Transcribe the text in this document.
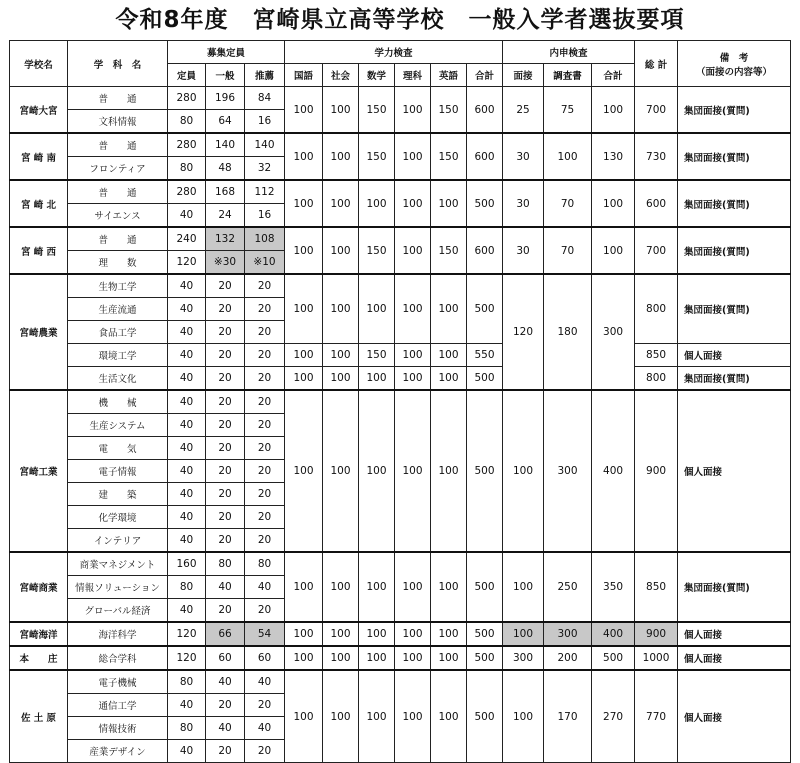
令和8年度　宮崎県立高等学校　一般入学者選抜要項
学校名	学　科　名	募集定員			学力検査						内申検査			総 計	備　考
（面接の内容等）
		定員	一般	推薦	国語	社会	数学	理科	英語	合計	面接	調査書	合計		
宮崎大宮	普　　通	280	196	84	100	100	150	100	150	600	25	75	100	700	集団面接(質問)
	文科情報	80	64	16											
宮 崎 南	普　　通	280	140	140	100	100	150	100	150	600	30	100	130	730	集団面接(質問)
	フロンティア	80	48	32											
宮 崎 北	普　　通	280	168	112	100	100	100	100	100	500	30	70	100	600	集団面接(質問)
	サイエンス	40	24	16											
宮 崎 西	普　　通	240	132	108	100	100	150	100	150	600	30	70	100	700	集団面接(質問)
	理　　数	120	※30	※10											
宮崎農業	生物工学	40	20	20	100	100	100	100	100	500	120	180	300	800	集団面接(質問)
	生産流通	40	20	20											
	食品工学	40	20	20											
	環境工学	40	20	20	100	100	150	100	100	550				850	個人面接
	生活文化	40	20	20	100	100	100	100	100	500				800	集団面接(質問)
宮崎工業	機　　械	40	20	20	100	100	100	100	100	500	100	300	400	900	個人面接
	生産システム	40	20	20											
	電　　気	40	20	20											
	電子情報	40	20	20											
	建　　築	40	20	20											
	化学環境	40	20	20											
	インテリア	40	20	20											
宮崎商業	商業マネジメント	160	80	80	100	100	100	100	100	500	100	250	350	850	集団面接(質問)
	情報ソリューション	80	40	40											
	グローバル経済	40	20	20											
宮崎海洋	海洋科学	120	66	54	100	100	100	100	100	500	100	300	400	900	個人面接
本　　庄	総合学科	120	60	60	100	100	100	100	100	500	300	200	500	1000	個人面接
佐 土 原	電子機械	80	40	40	100	100	100	100	100	500	100	170	270	770	個人面接
	通信工学	40	20	20											
	情報技術	80	40	40											
	産業デザイン	40	20	20											
